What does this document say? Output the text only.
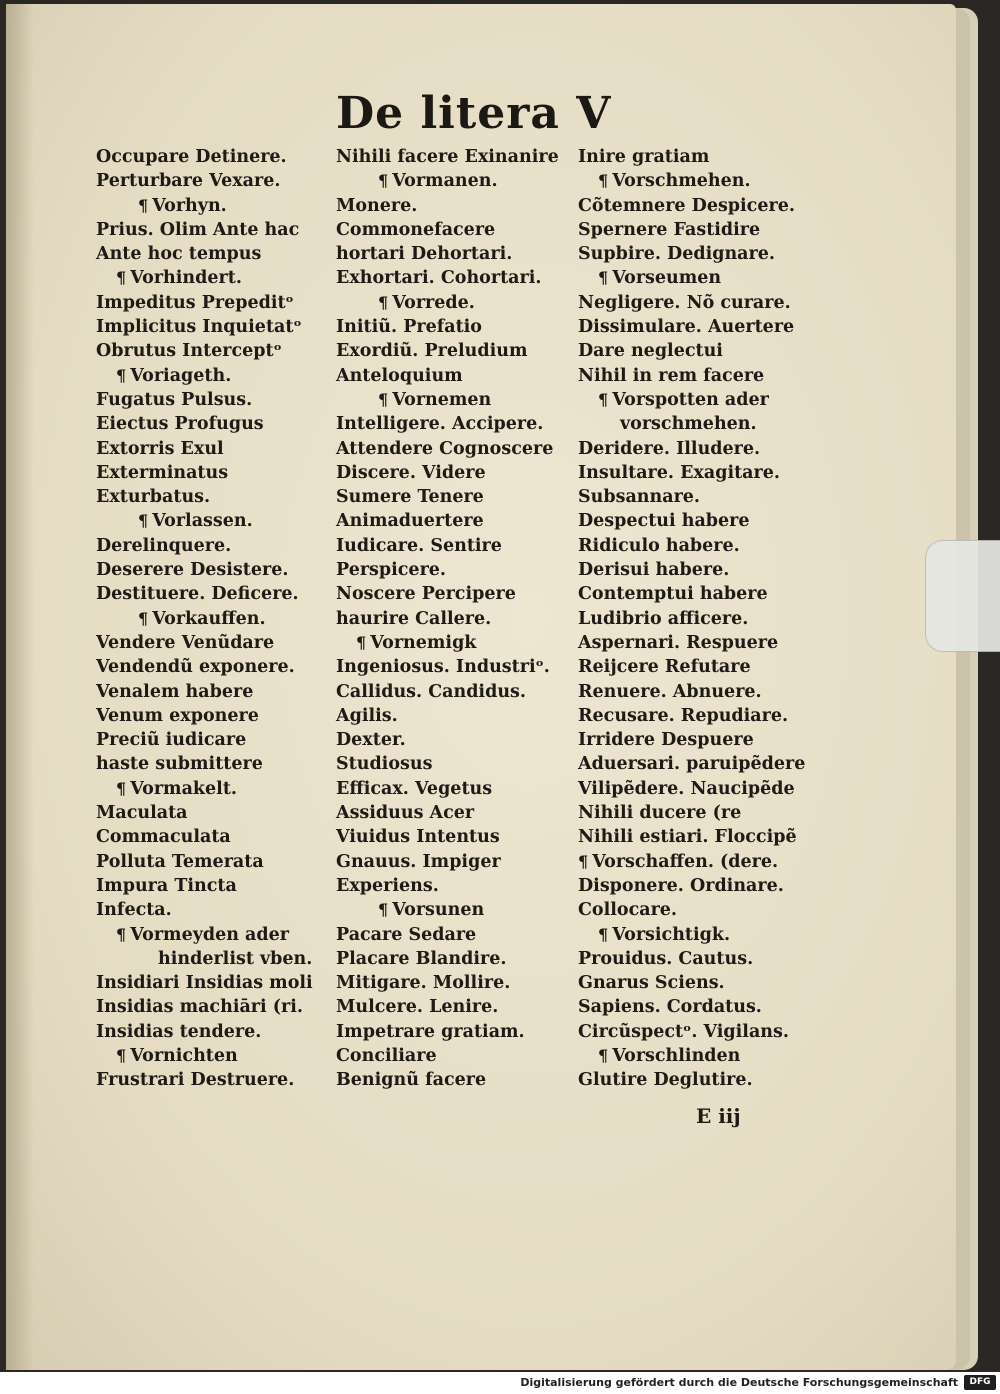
De litera V
Occupare Detinere.
Perturbare Vexare.
¶ Vorhyn.
Prius. Olim Ante hac
Ante hoc tempus
¶ Vorhindert.
Impeditus Prepeditᵒ
Implicitus Inquietatᵒ
Obrutus Interceptᵒ
¶ Voriageth.
Fugatus Pulsus.
Eiectus Profugus
Extorris Exul
Exterminatus
Exturbatus.
¶ Vorlassen.
Derelinquere.
Deserere Desistere.
Destituere. Deficere.
¶ Vorkauffen.
Vendere Venũdare
Vendendũ exponere.
Venalem habere
Venum exponere
Preciũ iudicare
haste submittere
¶ Vormakelt.
Maculata
Commaculata
Polluta Temerata
Impura Tincta
Infecta.
¶ Vormeyden ader
hinderlist vben.
Insidiari Insidias moli
Insidias machiāri (ri.
Insidias tendere.
¶ Vornichten
Frustrari Destruere.
Nihili facere Exinanire
¶ Vormanen.
Monere.
Commonefacere
hortari Dehortari.
Exhortari. Cohortari.
¶ Vorrede.
Initiũ. Prefatio
Exordiũ. Preludium
Anteloquium
¶ Vornemen
Intelligere. Accipere.
Attendere Cognoscere
Discere. Videre
Sumere Tenere
Animaduertere
Iudicare. Sentire
Perspicere.
Noscere Percipere
haurire Callere.
¶ Vornemigk
Ingeniosus. Industriᵒ.
Callidus. Candidus.
Agilis.
Dexter.
Studiosus
Efficax. Vegetus
Assiduus Acer
Viuidus Intentus
Gnauus. Impiger
Experiens.
¶ Vorsunen
Pacare Sedare
Placare Blandire.
Mitigare. Mollire.
Mulcere. Lenire.
Impetrare gratiam.
Conciliare
Benignũ facere
Inire gratiam
¶ Vorschmehen.
Cõtemnere Despicere.
Spernere Fastidire
Supbire. Dedignare.
¶ Vorseumen
Negligere. Nõ curare.
Dissimulare. Auertere
Dare neglectui
Nihil in rem facere
¶ Vorspotten ader
vorschmehen.
Deridere. Illudere.
Insultare. Exagitare.
Subsannare.
Despectui habere
Ridiculo habere.
Derisui habere.
Contemptui habere
Ludibrio afficere.
Aspernari. Respuere
Reijcere Refutare
Renuere. Abnuere.
Recusare. Repudiare.
Irridere Despuere
Aduersari. paruipẽdere
Vilipẽdere. Naucipẽde
Nihili ducere (re
Nihili estiari. Floccipẽ
¶ Vorschaffen. (dere.
Disponere. Ordinare.
Collocare.
¶ Vorsichtigk.
Prouidus. Cautus.
Gnarus Sciens.
Sapiens. Cordatus.
Circũspectᵒ. Vigilans.
¶ Vorschlinden
Glutire Deglutire.
E iij
Digitalisierung gefördert durch die Deutsche Forschungsgemeinschaft	DFG
